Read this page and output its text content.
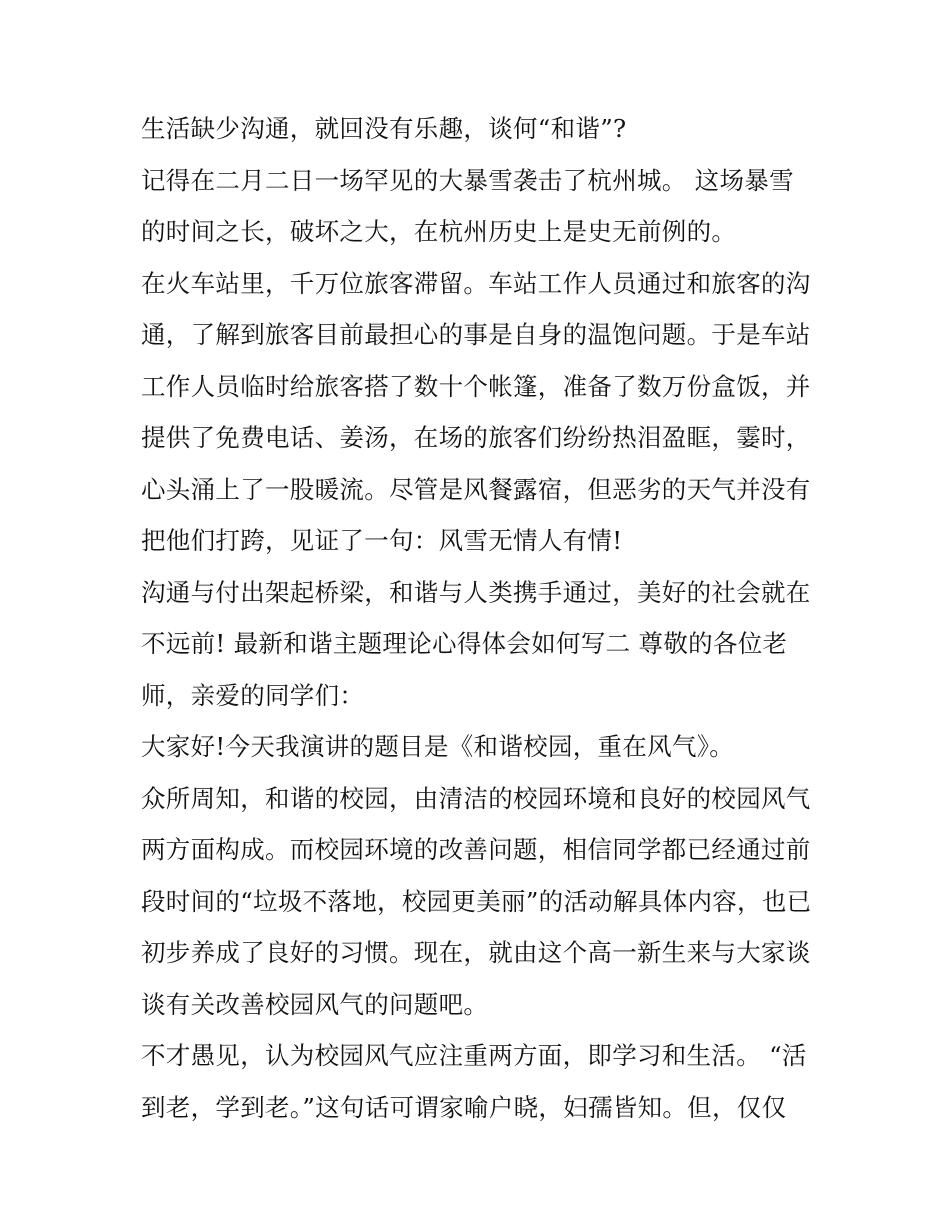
生活缺少沟通，就回没有乐趣，谈何“和谐”?
记得在二月二日一场罕见的大暴雪袭击了杭州城。 这场暴雪
的时间之长，破坏之大，在杭州历史上是史无前例的。
在火车站里，千万位旅客滞留。车站工作人员通过和旅客的沟
通，了解到旅客目前最担心的事是自身的温饱问题。于是车站
工作人员临时给旅客搭了数十个帐篷，准备了数万份盒饭，并
提供了免费电话、姜汤，在场的旅客们纷纷热泪盈眶，霎时，
心头涌上了一股暖流。尽管是风餐露宿，但恶劣的天气并没有
把他们打跨，见证了一句：风雪无情人有情!
沟通与付出架起桥梁，和谐与人类携手通过，美好的社会就在
不远前! 最新和谐主题理论心得体会如何写二 尊敬的各位老
师，亲爱的同学们：
大家好!今天我演讲的题目是《和谐校园，重在风气》。
众所周知，和谐的校园，由清洁的校园环境和良好的校园风气
两方面构成。而校园环境的改善问题，相信同学都已经通过前
段时间的“垃圾不落地，校园更美丽”的活动解具体内容，也已
初步养成了良好的习惯。现在，就由这个高一新生来与大家谈
谈有关改善校园风气的问题吧。
不才愚见，认为校园风气应注重两方面，即学习和生活。 “活
到老，学到老。”这句话可谓家喻户晓，妇孺皆知。但，仅仅
